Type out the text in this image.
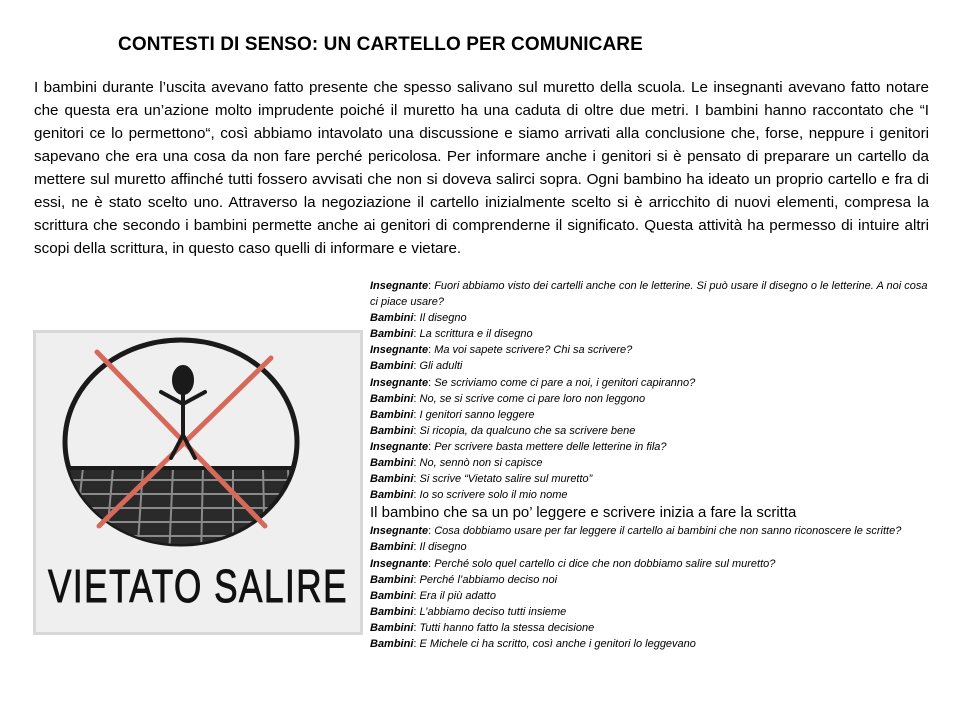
CONTESTI DI SENSO: UN CARTELLO PER COMUNICARE

I bambini durante l’uscita avevano fatto presente che spesso salivano sul muretto della scuola. Le insegnanti avevano fatto notare che questa era un’azione molto imprudente poiché il muretto ha una caduta di oltre due metri. I bambini hanno raccontato che “I genitori ce lo permettono“, così abbiamo intavolato una discussione e siamo arrivati alla conclusione che, forse, neppure i genitori sapevano che era una cosa da non fare perché pericolosa. Per informare anche i genitori si è pensato di preparare un cartello da mettere sul muretto affinché tutti fossero avvisati che non si doveva salirci sopra. Ogni bambino ha ideato un proprio cartello e fra di essi, ne è stato scelto uno. Attraverso la negoziazione il cartello inizialmente scelto si è arricchito di nuovi elementi, compresa la scrittura che secondo i bambini permette anche ai genitori di comprenderne il significato. Questa attività ha permesso di intuire altri scopi della scrittura, in questo caso quelli di informare e vietare.

VIETATO SALIRE

Insegnante: Fuori abbiamo visto dei cartelli anche con le letterine. Si può usare il disegno o le letterine. A noi cosa ci piace usare?

Bambini: Il disegno

Bambini: La scrittura e il disegno

Insegnante: Ma voi sapete scrivere? Chi sa scrivere?

Bambini: Gli adulti

Insegnante: Se scriviamo come ci pare a noi, i genitori capiranno?

Bambini: No, se si scrive come ci pare loro non leggono

Bambini: I genitori sanno leggere

Bambini: Si ricopia, da qualcuno che sa scrivere bene

Insegnante: Per scrivere basta mettere delle letterine in fila?

Bambini: No, sennò non si capisce

Bambini: Si scrive “Vietato salire sul muretto”

Bambini: Io so scrivere solo il mio nome

Il bambino che sa un po’ leggere e scrivere inizia a fare la scritta

Insegnante: Cosa dobbiamo usare per far leggere il cartello ai bambini che non sanno riconoscere le scritte?

Bambini: Il disegno

Insegnante: Perché solo quel cartello ci dice che non dobbiamo salire sul muretto?

Bambini: Perché l’abbiamo deciso noi

Bambini: Era il più adatto

Bambini: L’abbiamo deciso tutti insieme

Bambini: Tutti hanno fatto la stessa decisione

Bambini: E Michele ci ha scritto, così anche i genitori lo leggevano
